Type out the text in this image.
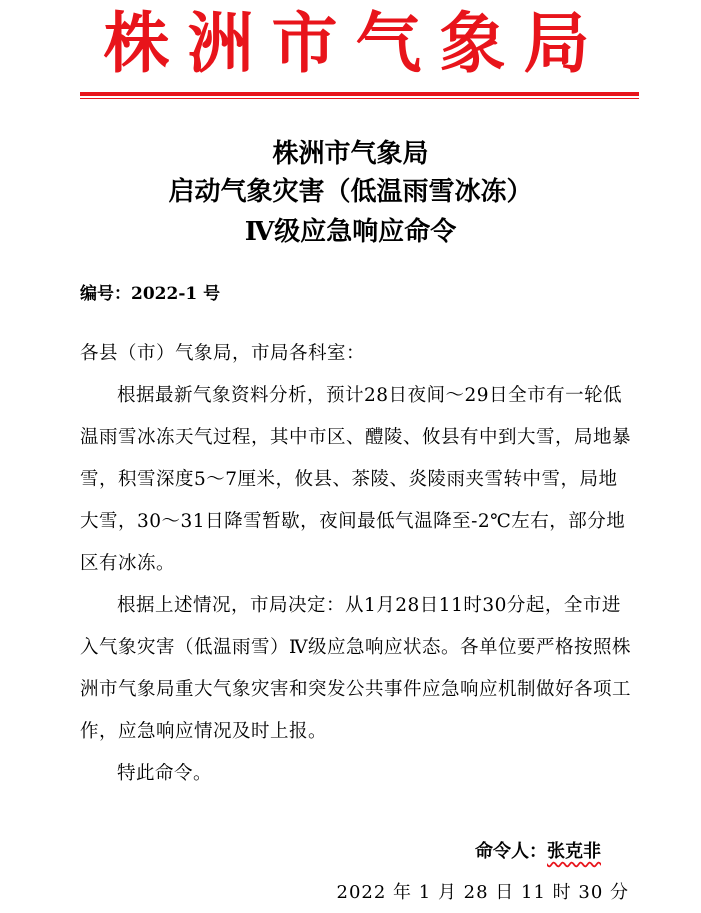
株洲市气象局
株洲市气象局
启动气象灾害（低温雨雪冰冻）
Ⅳ级应急响应命令
编号：2022-1 号
各县（市）气象局，市局各科室：
根据最新气象资料分析，预计28日夜间～29日全市有一轮低温雨雪冰冻天气过程，其中市区、醴陵、攸县有中到大雪，局地暴雪，积雪深度5～7厘米，攸县、茶陵、炎陵雨夹雪转中雪，局地大雪，30～31日降雪暂歇，夜间最低气温降至-2℃左右，部分地区有冰冻。
根据上述情况，市局决定：从1月28日11时30分起，全市进入气象灾害（低温雨雪）Ⅳ级应急响应状态。各单位要严格按照株洲市气象局重大气象灾害和突发公共事件应急响应机制做好各项工作，应急响应情况及时上报。
特此命令。
命令人：张克非
2022 年 1 月 28 日 11 时 30 分
